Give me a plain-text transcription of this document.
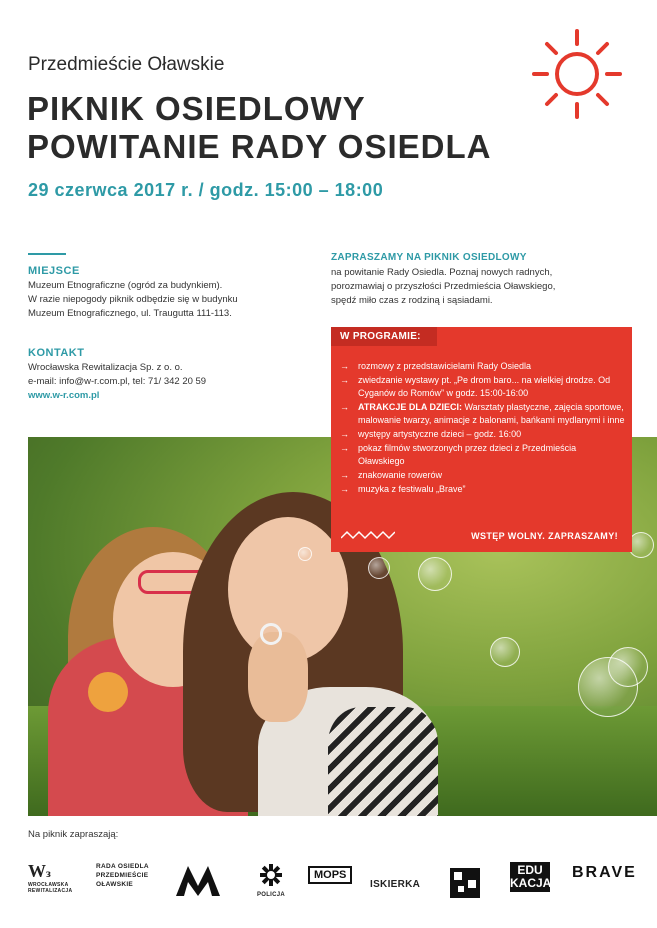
Przedmieście Oławskie
PIKNIK OSIEDLOWY
POWITANIE RADY OSIEDLA
29 czerwca 2017 r. / godz. 15:00 – 18:00
MIEJSCE
Muzeum Etnograficzne (ogród za budynkiem).
W razie niepogody piknik odbędzie się w budynku
Muzeum Etnograficznego, ul. Traugutta 111-113.
KONTAKT
Wrocławska Rewitalizacja Sp. z o. o.
e-mail: info@w-r.com.pl, tel: 71/ 342 20 59
www.w-r.com.pl
ZAPRASZAMY NA PIKNIK OSIEDLOWY
na powitanie Rady Osiedla. Poznaj nowych radnych,
porozmawiaj o przyszłości Przedmieścia Oławskiego,
spędź miło czas z rodziną i sąsiadami.
W PROGRAMIE:
→ rozmowy z przedstawicielami Rady Osiedla
→ zwiedzanie wystawy pt. „Pe drom baro... na wielkiej drodze. Od Cyganów do Romów” w godz. 15:00-16:00
→ ATRAKCJE DLA DZIECI: Warsztaty plastyczne, zajęcia sportowe, malowanie twarzy, animacje z balonami, bańkami mydlanymi i inne
→ występy artystyczne dzieci – godz. 16:00
→ pokaz filmów stworzonych przez dzieci z Przedmieścia Oławskiego
→ znakowanie rowerów
→ muzyka z festiwalu „Brave”
WSTĘP WOLNY. ZAPRASZAMY!
Na piknik zapraszają:
Wз
WROCŁAWSKA REWITALIZACJA
RADA OSIEDLA PRZEDMIEŚCIE OŁAWSKIE
POLICJA
MOPS
ISKIERKA
EDU KACJA
BRAVE
